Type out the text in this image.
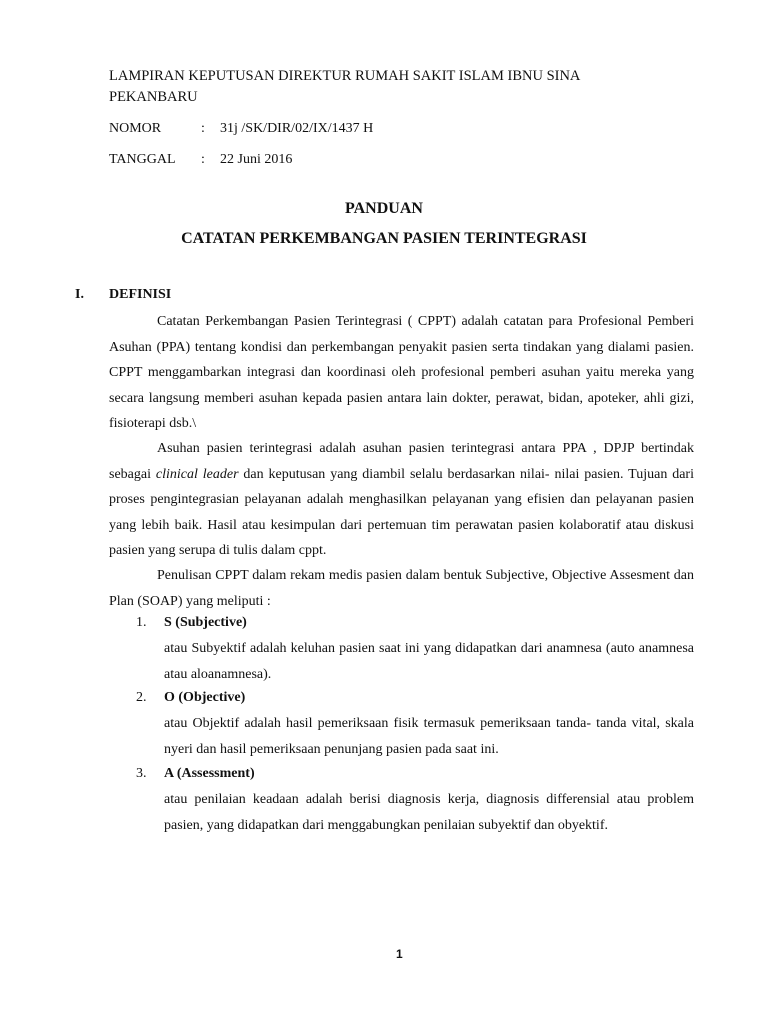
LAMPIRAN KEPUTUSAN DIREKTUR RUMAH SAKIT ISLAM IBNU SINA
PEKANBARU
NOMOR	: 31j /SK/DIR/02/IX/1437 H
TANGGAL : 22 Juni 2016
PANDUAN
CATATAN PERKEMBANGAN PASIEN TERINTEGRASI
I. DEFINISI
Catatan Perkembangan Pasien Terintegrasi ( CPPT) adalah catatan para Profesional Pemberi Asuhan (PPA) tentang kondisi dan perkembangan penyakit pasien serta tindakan yang dialami pasien. CPPT menggambarkan integrasi dan koordinasi oleh profesional pemberi asuhan yaitu mereka yang secara langsung memberi asuhan kepada pasien antara lain dokter, perawat, bidan, apoteker, ahli gizi, fisioterapi dsb.\
Asuhan pasien terintegrasi adalah asuhan pasien terintegrasi antara PPA , DPJP bertindak sebagai clinical leader dan keputusan yang diambil selalu berdasarkan nilai- nilai pasien. Tujuan dari proses pengintegrasian pelayanan adalah menghasilkan pelayanan yang efisien dan pelayanan pasien yang lebih baik. Hasil atau kesimpulan dari pertemuan tim perawatan pasien kolaboratif atau diskusi pasien yang serupa di tulis dalam cppt.
Penulisan CPPT dalam rekam medis pasien dalam bentuk Subjective, Objective Assesment dan Plan (SOAP) yang meliputi :
1. S (Subjective)
atau Subyektif adalah keluhan pasien saat ini yang didapatkan dari anamnesa (auto anamnesa atau aloanamnesa).
2. O (Objective)
atau Objektif adalah hasil pemeriksaan fisik termasuk pemeriksaan tanda- tanda vital, skala nyeri dan hasil pemeriksaan penunjang pasien pada saat ini.
3. A (Assessment)
atau penilaian keadaan adalah berisi diagnosis kerja, diagnosis differensial atau problem pasien, yang didapatkan dari menggabungkan penilaian subyektif dan obyektif.
1
